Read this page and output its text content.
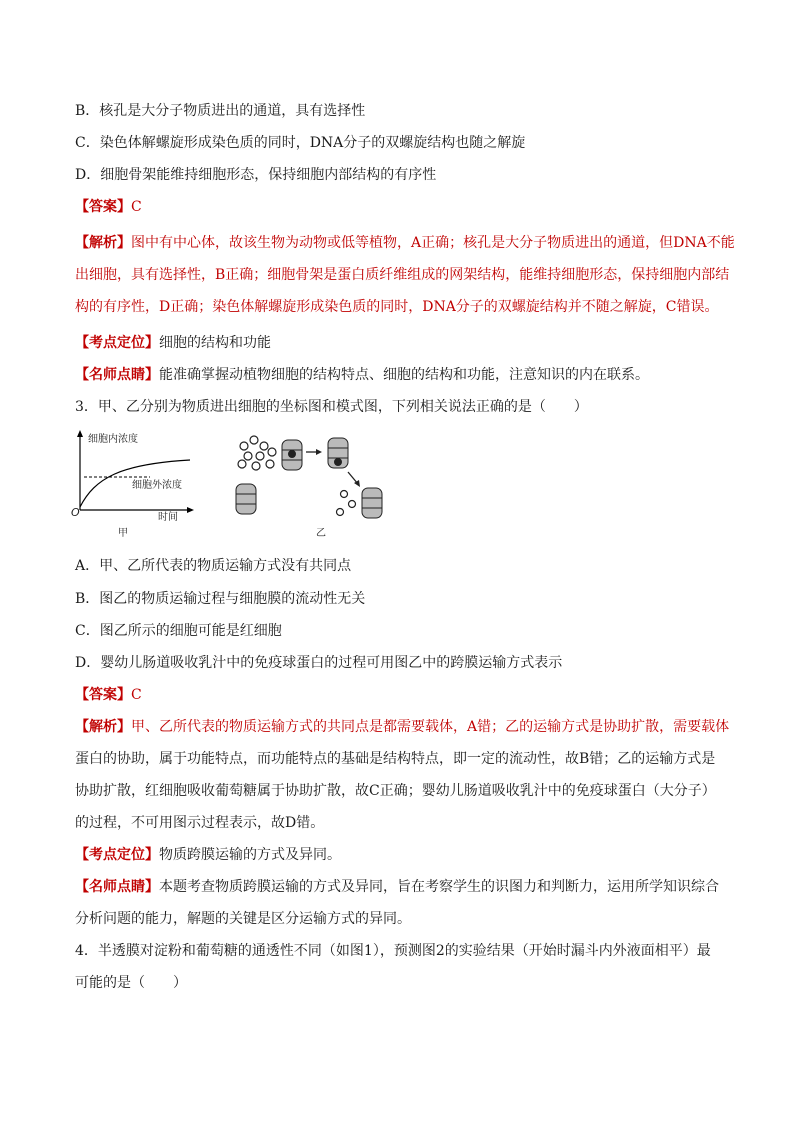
B．核孔是大分子物质进出的通道，具有选择性
C．染色体解螺旋形成染色质的同时，DNA分子的双螺旋结构也随之解旋
D．细胞骨架能维持细胞形态，保持细胞内部结构的有序性
【答案】C
【解析】图中有中心体，故该生物为动物或低等植物，A正确；核孔是大分子物质进出的通道，但DNA不能
出细胞，具有选择性，B正确；细胞骨架是蛋白质纤维组成的网架结构，能维持细胞形态，保持细胞内部结
构的有序性，D正确；染色体解螺旋形成染色质的同时，DNA分子的双螺旋结构并不随之解旋，C错误。
【考点定位】细胞的结构和功能
【名师点睛】能准确掌握动植物细胞的结构特点、细胞的结构和功能，注意知识的内在联系。
3．甲、乙分别为物质进出细胞的坐标图和模式图，下列相关说法正确的是（　　）
细胞内浓度
细胞外浓度
O	时间
甲	乙
A．甲、乙所代表的物质运输方式没有共同点
B．图乙的物质运输过程与细胞膜的流动性无关
C．图乙所示的细胞可能是红细胞
D．婴幼儿肠道吸收乳汁中的免疫球蛋白的过程可用图乙中的跨膜运输方式表示
【答案】C
【解析】甲、乙所代表的物质运输方式的共同点是都需要载体，A错；乙的运输方式是协助扩散，需要载体
蛋白的协助，属于功能特点，而功能特点的基础是结构特点，即一定的流动性，故B错；乙的运输方式是
协助扩散，红细胞吸收葡萄糖属于协助扩散，故C正确；婴幼儿肠道吸收乳汁中的免疫球蛋白（大分子）
的过程，不可用图示过程表示，故D错。
【考点定位】物质跨膜运输的方式及异同。
【名师点睛】本题考查物质跨膜运输的方式及异同，旨在考察学生的识图力和判断力，运用所学知识综合
分析问题的能力，解题的关键是区分运输方式的异同。
4．半透膜对淀粉和葡萄糖的通透性不同（如图1），预测图2的实验结果（开始时漏斗内外液面相平）最
可能的是（　　）
